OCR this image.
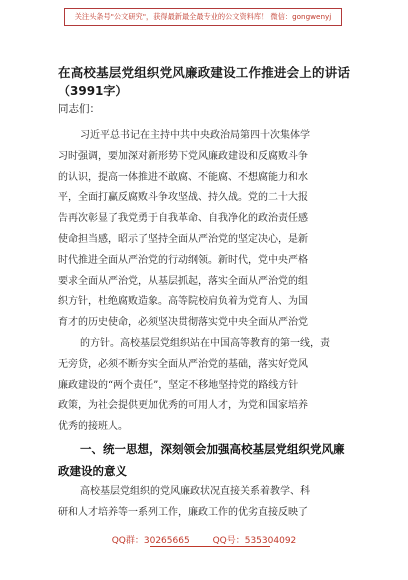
关注头条号"公文研究"，获得最新最全最专业的公文资料库！ 微信：gongwenyj
在高校基层党组织党风廉政建设工作推进会上的讲话
（3991字）
同志们：
习近平总书记在主持中共中央政治局第四十次集体学
习时强调，要加深对新形势下党风廉政建设和反腐败斗争
的认识，提高一体推进不敢腐、不能腐、不想腐能力和水
平，全面打赢反腐败斗争攻坚战、持久战。党的二十大报
告再次彰显了我党勇于自我革命、自我净化的政治责任感
使命担当感，昭示了坚持全面从严治党的坚定决心，是新
时代推进全面从严治党的行动纲领。新时代，党中央严格
要求全面从严治党，从基层抓起，落实全面从严治党的组
织方针，杜绝腐败造象。高等院校肩负着为党育人、为国
育才的历史使命，必须坚决贯彻落实党中央全面从严治党
的方针。高校基层党组织站在中国高等教育的第一线，责
无旁贷，必须不断夯实全面从严治党的基础，落实好党风
廉政建设的“两个责任”，坚定不移地坚持党的路线方针
政策，为社会提供更加优秀的可用人才，为党和国家培养
优秀的接班人。
一、统一思想，深刻领会加强高校基层党组织党风廉
政建设的意义
高校基层党组织的党风廉政状况直接关系着教学、科
研和人才培养等一系列工作，廉政工作的优劣直接反映了
QQ群：30265665	QQ号：535304092
